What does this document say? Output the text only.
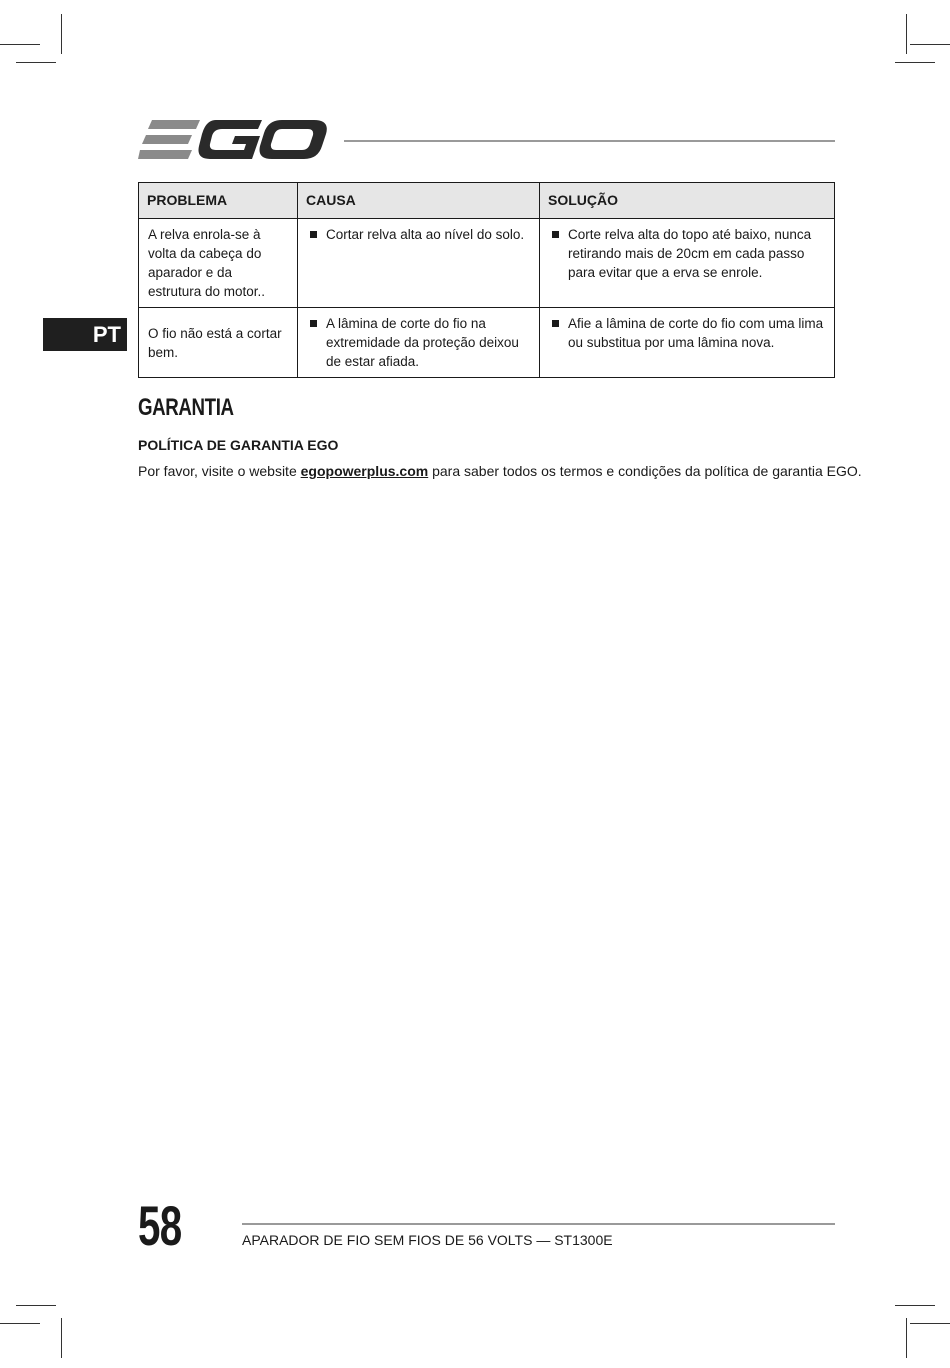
PT
PROBLEMA	CAUSA	SOLUÇÃO
A relva enrola-se à volta da cabeça do aparador e da estrutura do motor..	Cortar relva alta ao nível do solo.	Corte relva alta do topo até baixo, nunca retirando mais de 20cm em cada passo para evitar que a erva se enrole.

O fio não está a cortar bem.	A lâmina de corte do fio na extremidade da proteção deixou de estar afiada.	Afie a lâmina de corte do fio com uma lima ou substitua por uma lâmina nova.
GARANTIA
POLÍTICA DE GARANTIA EGO

Por favor, visite o website egopowerplus.com para saber todos os termos e condições da política de garantia EGO.

58	APARADOR DE FIO SEM FIOS DE 56 VOLTS — ST1300E
